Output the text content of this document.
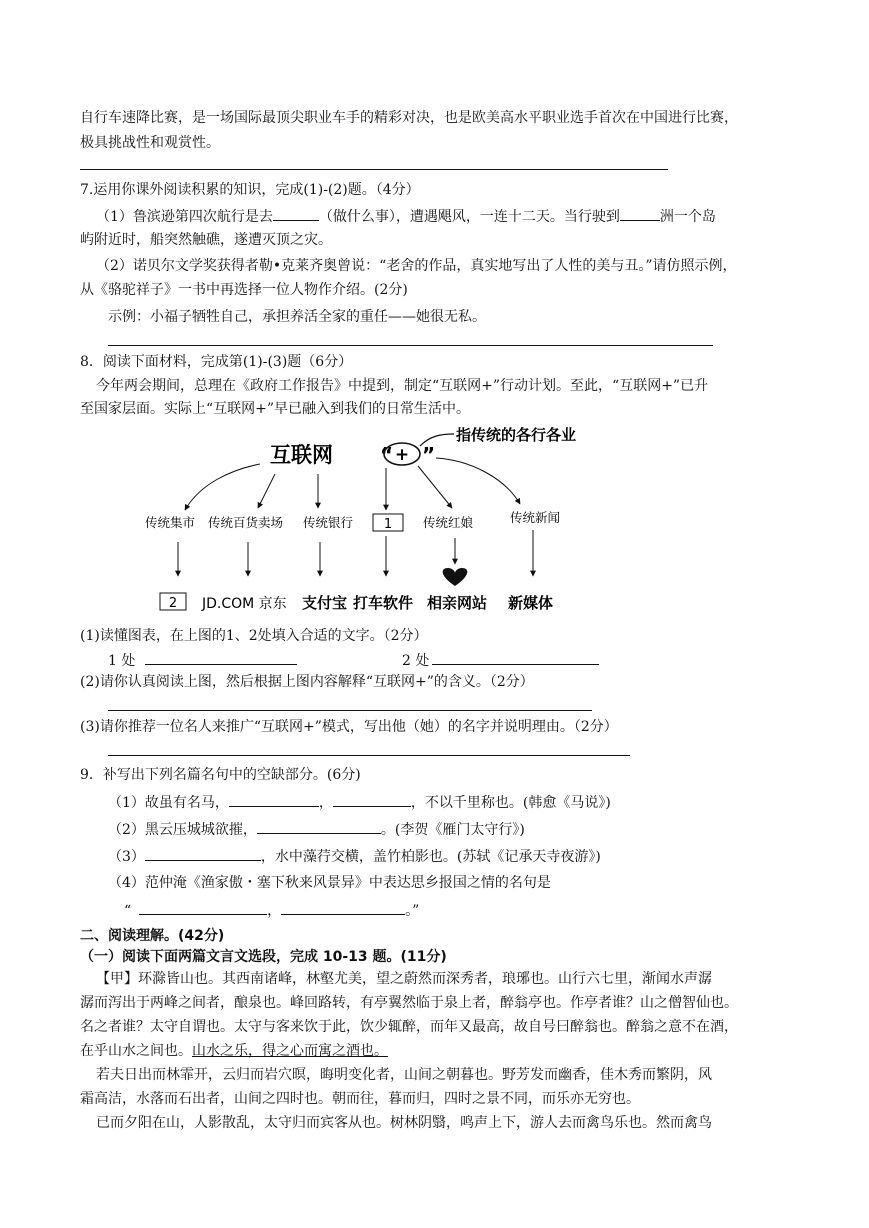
自行车速降比赛，是一场国际最顶尖职业车手的精彩对决，也是欧美高水平职业选手首次在中国进行比赛，
极具挑战性和观赏性。
7.运用你课外阅读积累的知识，完成(1)-(2)题。（4分）
（1）鲁滨逊第四次航行是去	（做什么事），遭遇飓风，一连十二天。当行驶到	洲一个岛
屿附近时，船突然触礁，遂遭灭顶之灾。
（2）诺贝尔文学奖获得者勒•克莱齐奥曾说：“老舍的作品，真实地写出了人性的美与丑。”请仿照示例，
从《骆驼祥子》一书中再选择一位人物作介绍。(2分)
示例：小福子牺牲自己，承担养活全家的重任——她很无私。
8．阅读下面材料，完成第(1)-(3)题（6分）
今年两会期间，总理在《政府工作报告》中提到，制定“互联网+”行动计划。至此，“互联网+”已升
至国家层面。实际上“互联网+”早已融入到我们的日常生活中。
互联网 “ + ”
指传统的各行各业
传统集市 传统百货卖场 传统银行 1 传统红娘	传统新闻
2 JD.COM 京东 支付宝 打车软件 相亲网站 新媒体
(1)读懂图表，在上图的1、2处填入合适的文字。（2分）
1 处	2 处
(2)请你认真阅读上图，然后根据上图内容解释“互联网+”的含义。（2分）
(3)请你推荐一位名人来推广“互联网+”模式，写出他（她）的名字并说明理由。（2分）
9．补写出下列名篇名句中的空缺部分。(6分)
（1）故虽有名马，	，	，不以千里称也。(韩愈《马说》)
（2）黑云压城城欲摧，	。(李贺《雁门太守行》)
（3）	，水中藻荇交横，盖竹柏影也。(苏轼《记承天寺夜游》)
（4）范仲淹《渔家傲・塞下秋来风景异》中表达思乡报国之情的名句是
“	，	。”
二、阅读理解。(42分)
（一）阅读下面两篇文言文选段，完成 10-13 题。(11分)
【甲】环滁皆山也。其西南诸峰，林壑尤美，望之蔚然而深秀者，琅琊也。山行六七里，渐闻水声潺
潺而泻出于两峰之间者，酿泉也。峰回路转，有亭翼然临于泉上者，醉翁亭也。作亭者谁？山之僧智仙也。
名之者谁？太守自谓也。太守与客来饮于此，饮少辄醉，而年又最高，故自号曰醉翁也。醉翁之意不在酒，
在乎山水之间也。山水之乐，得之心而寓之酒也。
若夫日出而林霏开，云归而岩穴暝，晦明变化者，山间之朝暮也。野芳发而幽香，佳木秀而繁阴，风
霜高洁，水落而石出者，山间之四时也。朝而往，暮而归，四时之景不同，而乐亦无穷也。
已而夕阳在山，人影散乱，太守归而宾客从也。树林阴翳，鸣声上下，游人去而禽鸟乐也。然而禽鸟
